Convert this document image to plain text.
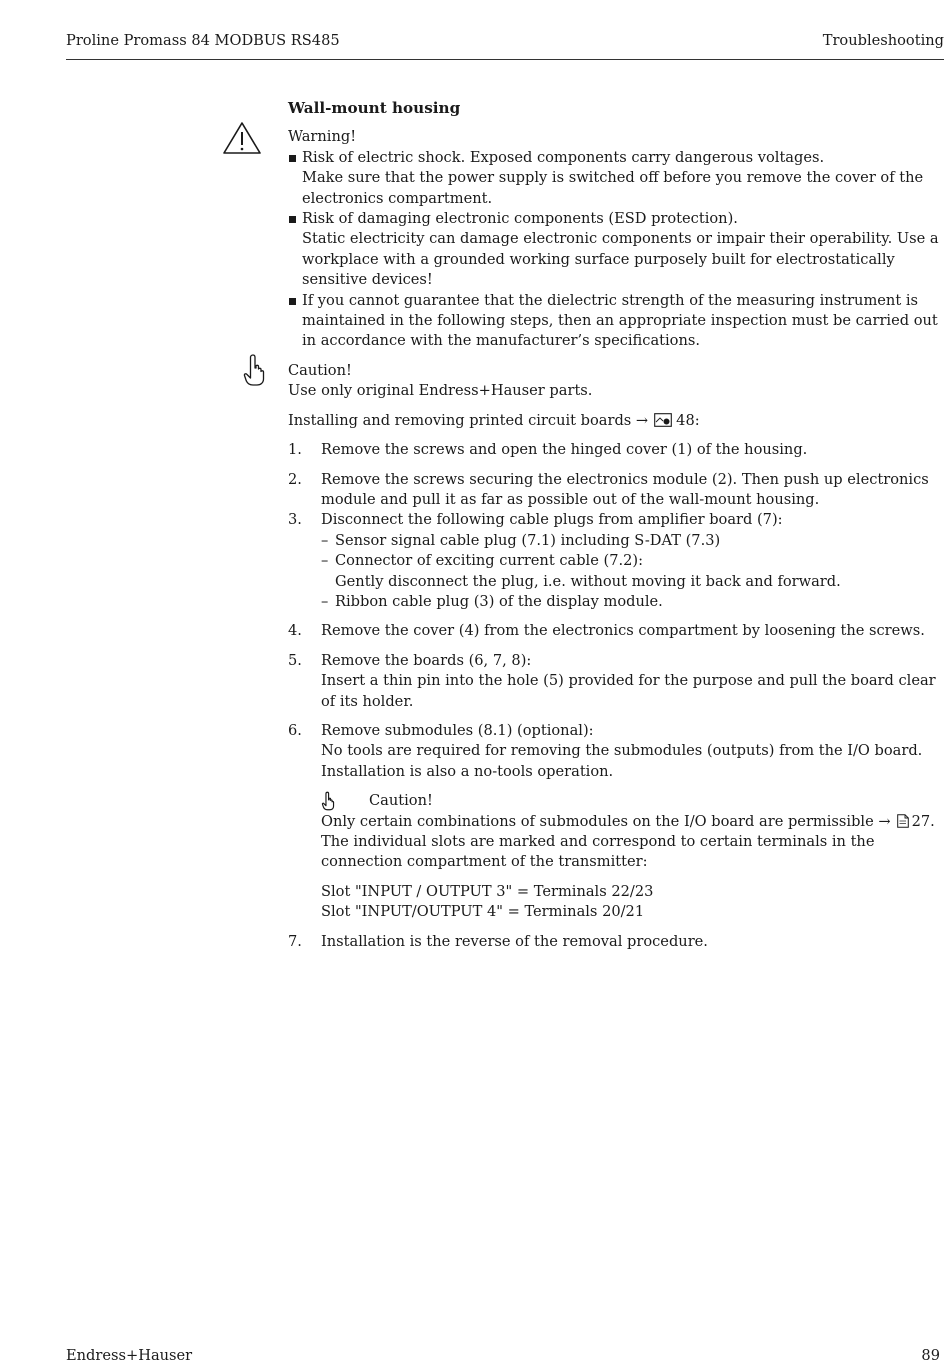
Proline Promass 84 MODBUS RS485	Troubleshooting
Wall-mount housing
Warning!
Risk of electric shock. Exposed components carry dangerous voltages.
Make sure that the power supply is switched off before you remove the cover of the electronics compartment.
Risk of damaging electronic components (ESD protection).
Static electricity can damage electronic components or impair their operability. Use a workplace with a grounded working surface purposely built for electrostatically sensitive devices!
If you cannot guarantee that the dielectric strength of the measuring instrument is maintained in the following steps, then an appropriate inspection must be carried out in accordance with the manufacturer’s specifications.
Caution!
Use only original Endress+Hauser parts.
Installing and removing printed circuit boards → 48:
1. Remove the screws and open the hinged cover (1) of the housing.
2. Remove the screws securing the electronics module (2). Then push up electronics module and pull it as far as possible out of the wall-mount housing.
3. Disconnect the following cable plugs from amplifier board (7):
– Sensor signal cable plug (7.1) including S-DAT (7.3)
– Connector of exciting current cable (7.2):
Gently disconnect the plug, i.e. without moving it back and forward.
– Ribbon cable plug (3) of the display module.
4. Remove the cover (4) from the electronics compartment by loosening the screws.
5. Remove the boards (6, 7, 8):
Insert a thin pin into the hole (5) provided for the purpose and pull the board clear of its holder.
6. Remove submodules (8.1) (optional):
No tools are required for removing the submodules (outputs) from the I/O board. Installation is also a no-tools operation.
Caution!
Only certain combinations of submodules on the I/O board are permissible → 27.
The individual slots are marked and correspond to certain terminals in the connection compartment of the transmitter:
Slot "INPUT / OUTPUT 3" = Terminals 22/23
Slot "INPUT/OUTPUT 4" = Terminals 20/21
7. Installation is the reverse of the removal procedure.
Endress+Hauser	89
